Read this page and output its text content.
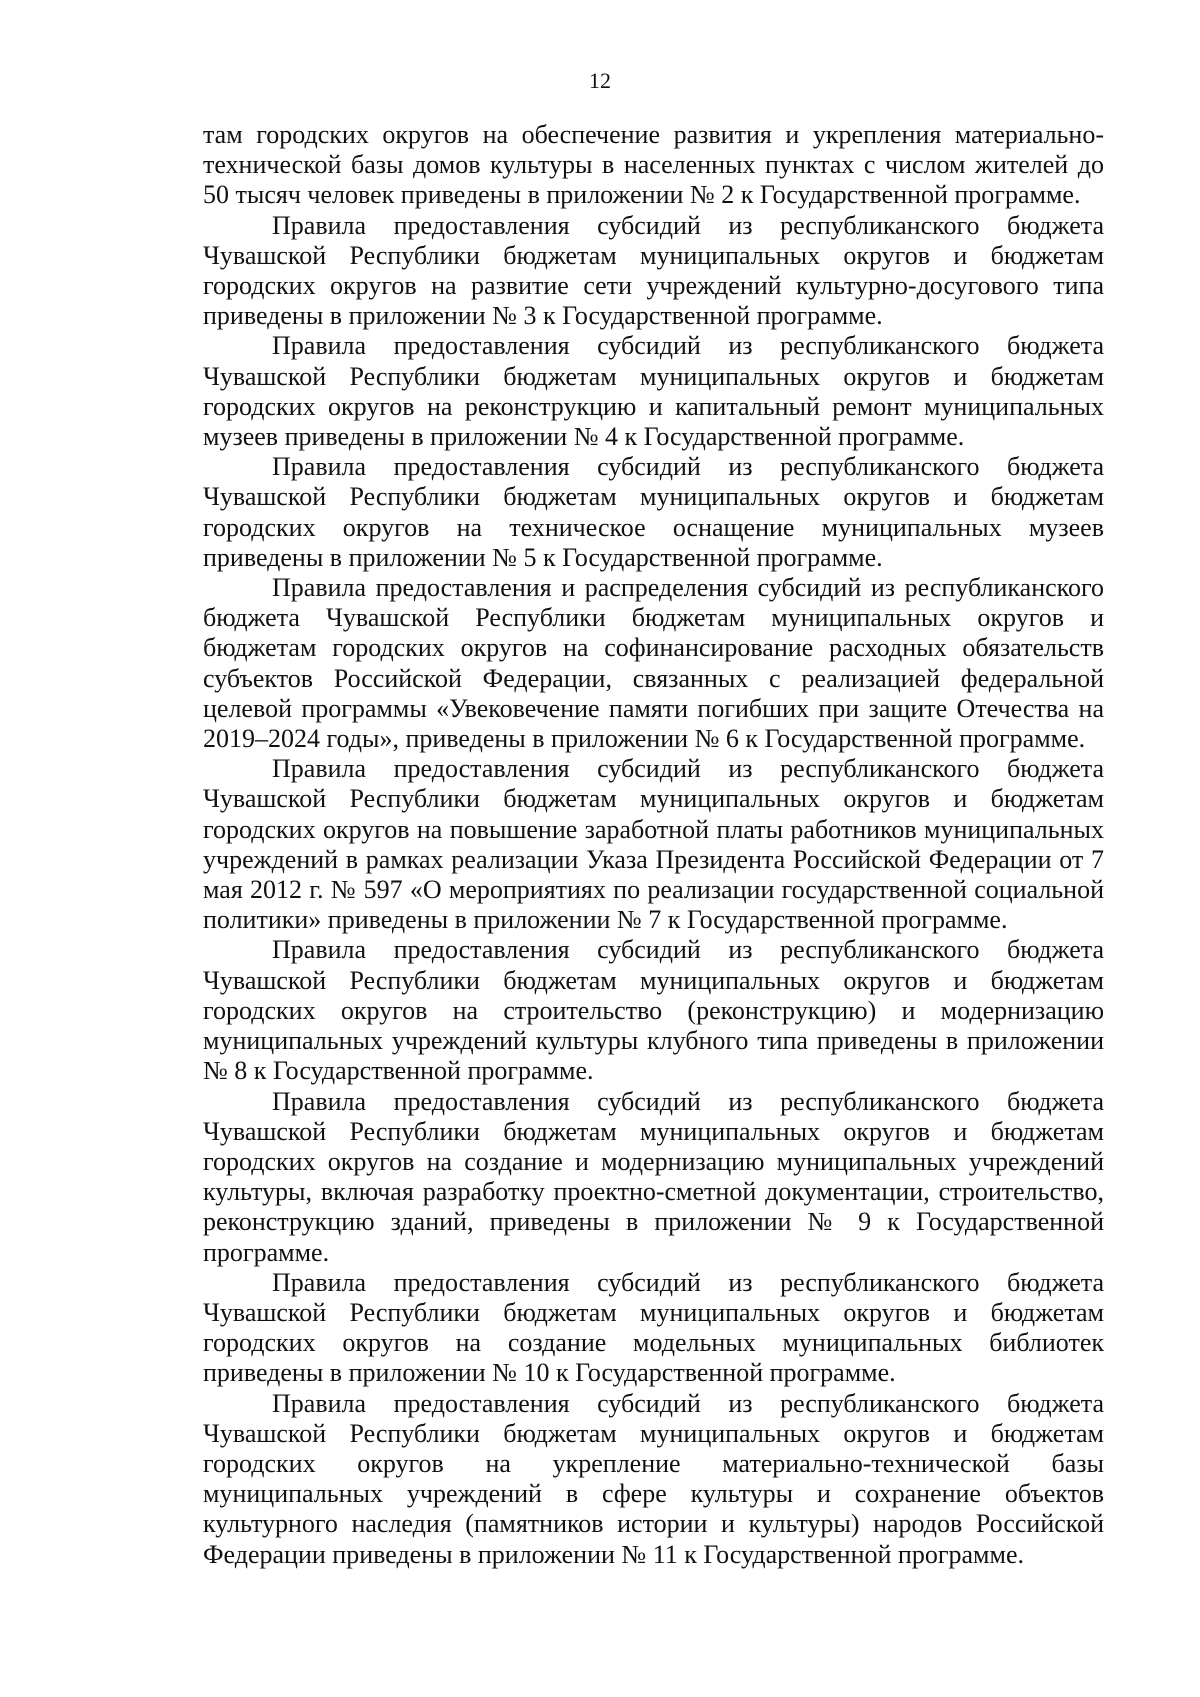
12

там городских округов на обеспечение развития и укрепления материально-технической базы домов культуры в населенных пунктах с числом жителей до 50 тысяч человек приведены в приложении № 2 к Государственной программе.

Правила предоставления субсидий из республиканского бюджета Чувашской Республики бюджетам муниципальных округов и бюджетам городских округов на развитие сети учреждений культурно-досугового типа приведены в приложении № 3 к Государственной программе.

Правила предоставления субсидий из республиканского бюджета Чувашской Республики бюджетам муниципальных округов и бюджетам городских округов на реконструкцию и капитальный ремонт муниципальных музеев приведены в приложении № 4 к Государственной программе.

Правила предоставления субсидий из республиканского бюджета Чувашской Республики бюджетам муниципальных округов и бюджетам городских округов на техническое оснащение муниципальных музеев приведены в приложении № 5 к Государственной программе.

Правила предоставления и распределения субсидий из республиканского бюджета Чувашской Республики бюджетам муниципальных округов и бюджетам городских округов на софинансирование расходных обязательств субъектов Российской Федерации, связанных с реализацией федеральной целевой программы «Увековечение памяти погибших при защите Отечества на 2019–2024 годы», приведены в приложении № 6 к Государственной программе.

Правила предоставления субсидий из республиканского бюджета Чувашской Республики бюджетам муниципальных округов и бюджетам городских округов на повышение заработной платы работников муниципальных учреждений в рамках реализации Указа Президента Российской Федерации от 7 мая 2012 г. № 597 «О мероприятиях по реализации государственной социальной политики» приведены в приложении № 7 к Государственной программе.

Правила предоставления субсидий из республиканского бюджета Чувашской Республики бюджетам муниципальных округов и бюджетам городских округов на строительство (реконструкцию) и модернизацию муниципальных учреждений культуры клубного типа приведены в приложении № 8 к Государственной программе.

Правила предоставления субсидий из республиканского бюджета Чувашской Республики бюджетам муниципальных округов и бюджетам городских округов на создание и модернизацию муниципальных учреждений культуры, включая разработку проектно-сметной документации, строительство, реконструкцию зданий, приведены в приложении № 9 к Государственной программе.

Правила предоставления субсидий из республиканского бюджета Чувашской Республики бюджетам муниципальных округов и бюджетам городских округов на создание модельных муниципальных библиотек приведены в приложении № 10 к Государственной программе.

Правила предоставления субсидий из республиканского бюджета Чувашской Республики бюджетам муниципальных округов и бюджетам городских округов на укрепление материально-технической базы муниципальных учреждений в сфере культуры и сохранение объектов культурного наследия (памятников истории и культуры) народов Российской Федерации приведены в приложении № 11 к Государственной программе.
